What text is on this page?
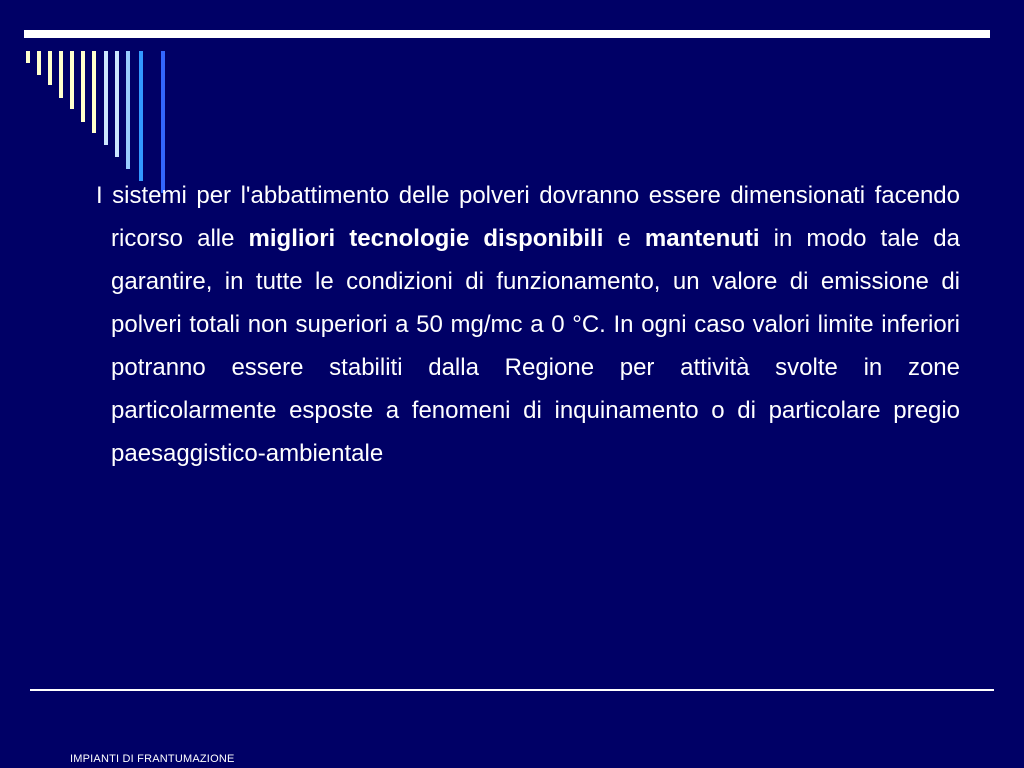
I sistemi per l'abbattimento delle polveri dovranno essere dimensionati facendo ricorso alle migliori tecnologie disponibili e mantenuti in modo tale da garantire, in tutte le condizioni di funzionamento, un valore di emissione di polveri totali non superiori a 50 mg/mc a 0 °C. In ogni caso valori limite inferiori potranno essere stabiliti dalla Regione per attività svolte in zone particolarmente esposte a fenomeni di inquinamento o di particolare pregio paesaggistico-ambientale
IMPIANTI DI FRANTUMAZIONE
